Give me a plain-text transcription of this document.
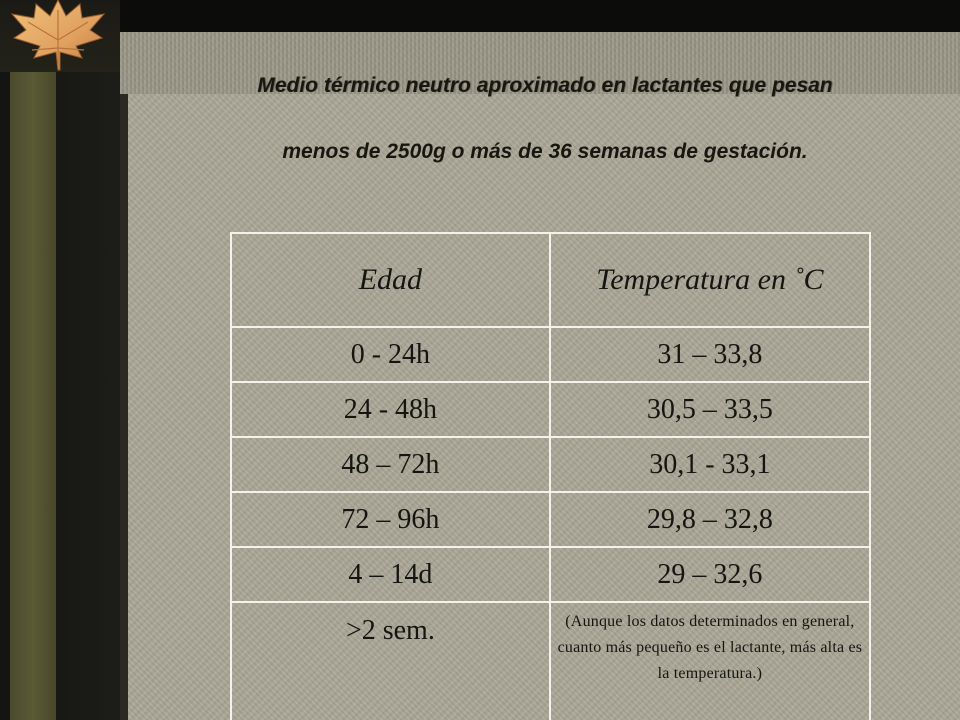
Medio térmico neutro aproximado en lactantes que pesan
menos de 2500g o más de 36 semanas de gestación.
Edad	Temperatura en ˚C
0 - 24h	31 – 33,8
24 - 48h	30,5 – 33,5
48 – 72h	30,1 - 33,1
72 – 96h	29,8 – 32,8
4 – 14d	29 – 32,6
>2 sem.	(Aunque los datos determinados en general, cuanto más pequeño es el lactante, más alta es la temperatura.)
